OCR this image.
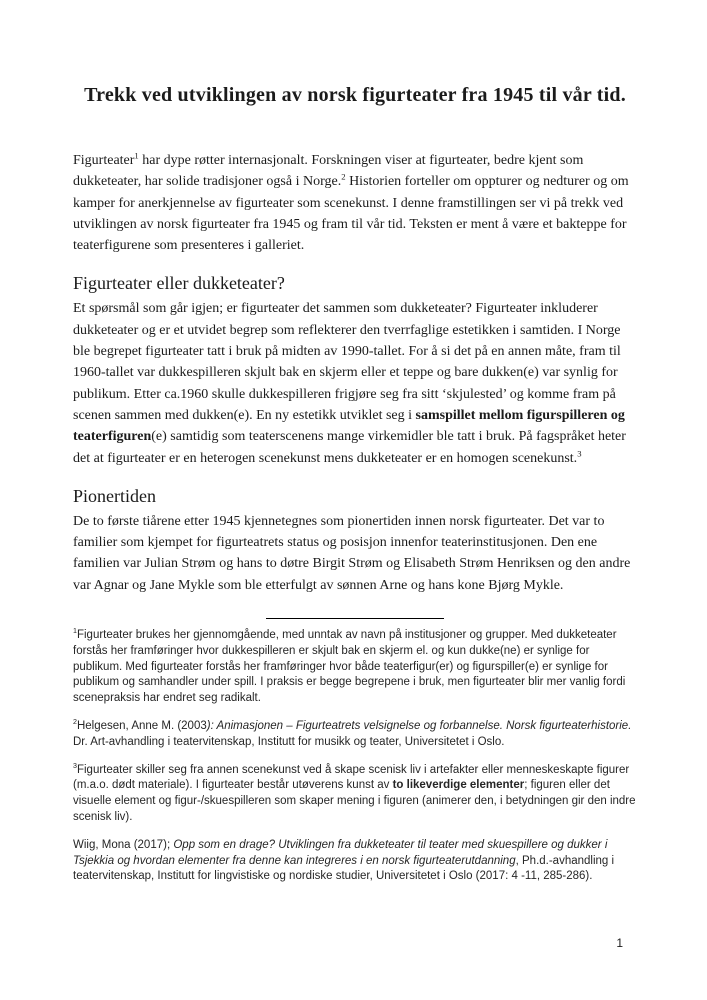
Trekk ved utviklingen av norsk figurteater fra 1945 til vår tid.

Figurteater$^1$ har dype røtter internasjonalt. Forskningen viser at figurteater, bedre kjent som dukketeater, har solide tradisjoner også i Norge.$^2$ Historien forteller om oppturer og nedturer og om kamper for anerkjennelse av figurteater som scenekunst. I denne framstillingen ser vi på trekk ved utviklingen av norsk figurteater fra 1945 og fram til vår tid. Teksten er ment å være et bakteppe for teaterfigurene som presenteres i galleriet.

Figurteater eller dukketeater?

Et spørsmål som går igjen; er figurteater det sammen som dukketeater? Figurteater inkluderer dukketeater og er et utvidet begrep som reflekterer den tverrfaglige estetikken i samtiden. I Norge ble begrepet figurteater tatt i bruk på midten av 1990-tallet. For å si det på en annen måte, fram til 1960-tallet var dukkespilleren skjult bak en skjerm eller et teppe og bare dukken(e) var synlig for publikum. Etter ca.1960 skulle dukkespilleren frigjøre seg fra sitt ‘skjulested’ og komme fram på scenen sammen med dukken(e). En ny estetikk utviklet seg i samspillet mellom figurspilleren og teaterfiguren(e) samtidig som teaterscenens mange virkemidler ble tatt i bruk. På fagspråket heter det at figurteater er en heterogen scenekunst mens dukketeater er en homogen scenekunst.$^3$

Pionertiden

De to første tiårene etter 1945 kjennetegnes som pionertiden innen norsk figurteater. Det var to familier som kjempet for figurteatrets status og posisjon innenfor teaterinstitusjonen. Den ene familien var Julian Strøm og hans to døtre Birgit Strøm og Elisabeth Strøm Henriksen og den andre var Agnar og Jane Mykle som ble etterfulgt av sønnen Arne og hans kone Bjørg Mykle.

$^1$Figurteater brukes her gjennomgående, med unntak av navn på institusjoner og grupper. Med dukketeater forstås her framføringer hvor dukkespilleren er skjult bak en skjerm el. og kun dukke(ne) er synlige for publikum. Med figurteater forstås her framføringer hvor både teaterfigur(er) og figurspiller(e) er synlige for publikum og samhandler under spill. I praksis er begge begrepene i bruk, men figurteater blir mer vanlig fordi scenepraksis har endret seg radikalt.

$^2$Helgesen, Anne M. (2003): Animasjonen – Figurteatrets velsignelse og forbannelse. Norsk figurteaterhistorie. Dr. Art-avhandling i teatervitenskap, Institutt for musikk og teater, Universitetet i Oslo.

$^3$Figurteater skiller seg fra annen scenekunst ved å skape scenisk liv i artefakter eller menneskeskapte figurer (m.a.o. dødt materiale). I figurteater består utøverens kunst av to likeverdige elementer; figuren eller det visuelle element og figur-/skuespilleren som skaper mening i figuren (animerer den, i betydningen gir den indre scenisk liv).

Wiig, Mona (2017); Opp som en drage? Utviklingen fra dukketeater til teater med skuespillere og dukker i Tsjekkia og hvordan elementer fra denne kan integreres i en norsk figurteaterutdanning, Ph.d.-avhandling i teatervitenskap, Institutt for lingvistiske og nordiske studier, Universitetet i Oslo (2017: 4 -11, 285-286).

1
